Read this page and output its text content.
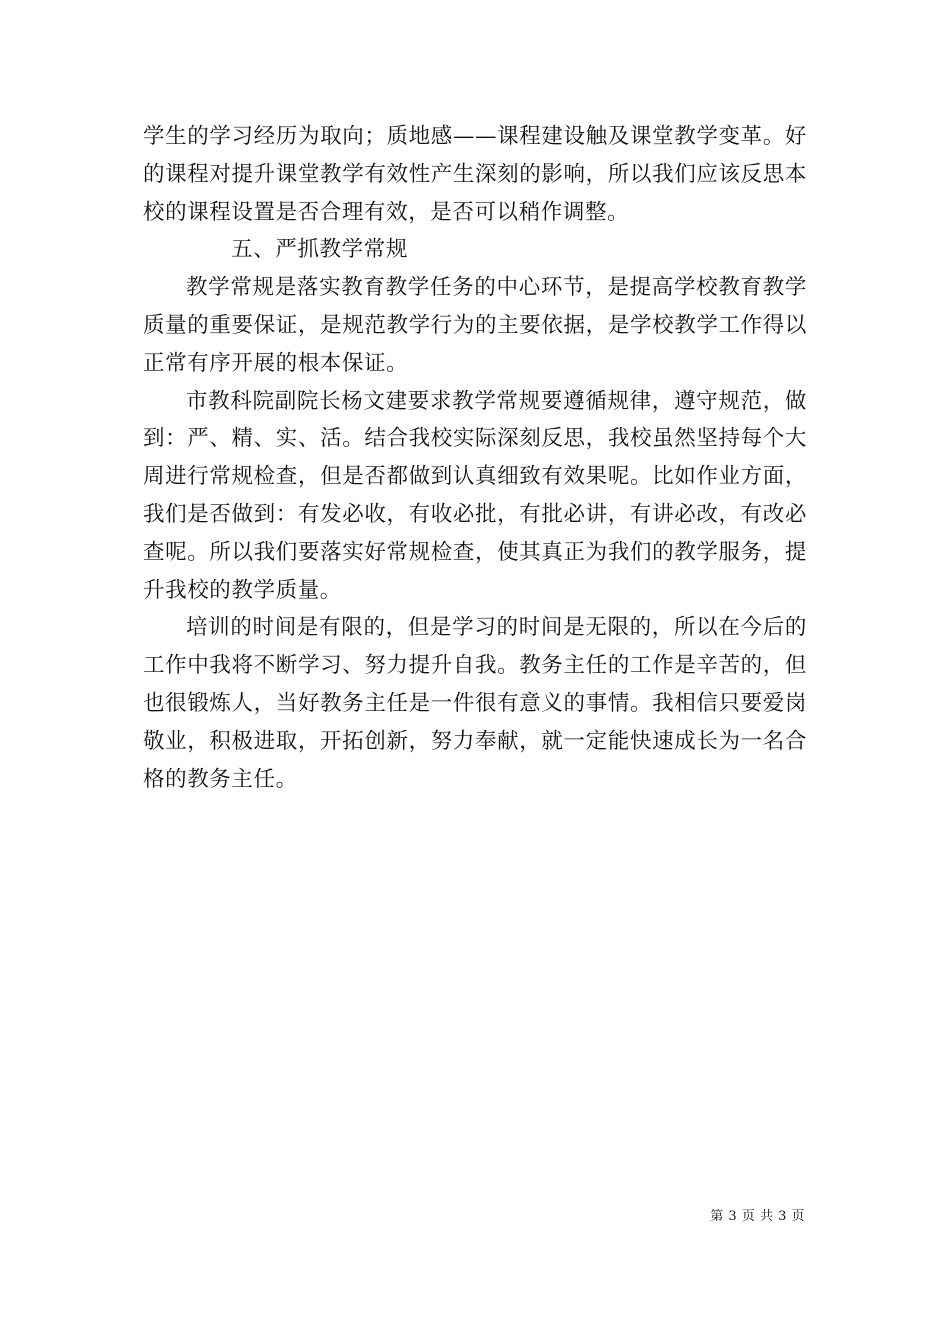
学生的学习经历为取向；质地感——课程建设触及课堂教学变革。好的课程对提升课堂教学有效性产生深刻的影响，所以我们应该反思本校的课程设置是否合理有效，是否可以稍作调整。

五、严抓教学常规

教学常规是落实教育教学任务的中心环节，是提高学校教育教学质量的重要保证，是规范教学行为的主要依据，是学校教学工作得以正常有序开展的根本保证。

市教科院副院长杨文建要求教学常规要遵循规律，遵守规范，做到：严、精、实、活。结合我校实际深刻反思，我校虽然坚持每个大周进行常规检查，但是否都做到认真细致有效果呢。比如作业方面，我们是否做到：有发必收，有收必批，有批必讲，有讲必改，有改必查呢。所以我们要落实好常规检查，使其真正为我们的教学服务，提升我校的教学质量。

培训的时间是有限的，但是学习的时间是无限的，所以在今后的工作中我将不断学习、努力提升自我。教务主任的工作是辛苦的，但也很锻炼人，当好教务主任是一件很有意义的事情。我相信只要爱岗敬业，积极进取，开拓创新，努力奉献，就一定能快速成长为一名合格的教务主任。

第 3 页 共 3 页
